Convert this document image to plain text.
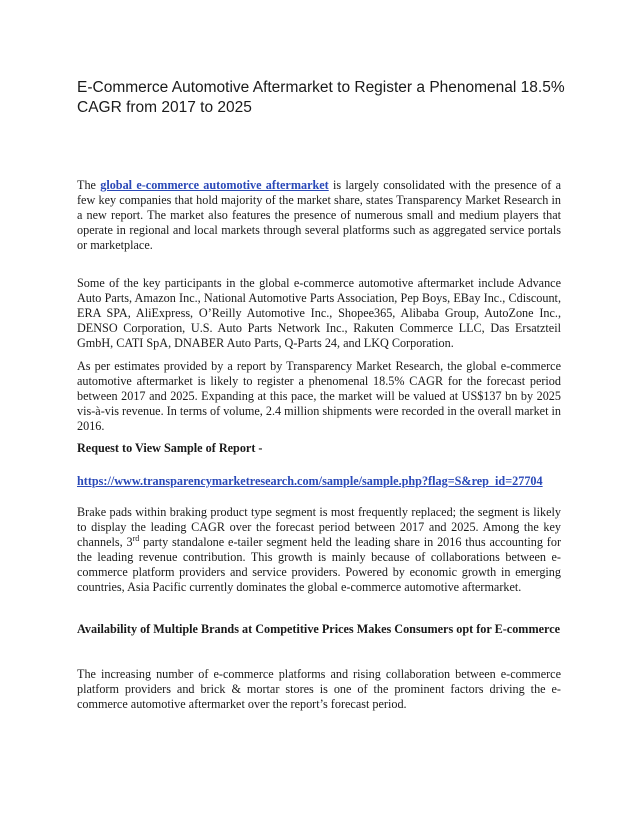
E-Commerce Automotive Aftermarket to Register a Phenomenal 18.5% CAGR from 2017 to 2025

The global e-commerce automotive aftermarket is largely consolidated with the presence of a few key companies that hold majority of the market share, states Transparency Market Research in a new report. The market also features the presence of numerous small and medium players that operate in regional and local markets through several platforms such as aggregated service portals or marketplace.

Some of the key participants in the global e-commerce automotive aftermarket include Advance Auto Parts, Amazon Inc., National Automotive Parts Association, Pep Boys, EBay Inc., Cdiscount, ERA SPA, AliExpress, O’Reilly Automotive Inc., Shopee365, Alibaba Group, AutoZone Inc., DENSO Corporation, U.S. Auto Parts Network Inc., Rakuten Commerce LLC, Das Ersatzteil GmbH, CATI SpA, DNABER Auto Parts, Q-Parts 24, and LKQ Corporation.

As per estimates provided by a report by Transparency Market Research, the global e-commerce automotive aftermarket is likely to register a phenomenal 18.5% CAGR for the forecast period between 2017 and 2025. Expanding at this pace, the market will be valued at US$137 bn by 2025 vis-à-vis revenue. In terms of volume, 2.4 million shipments were recorded in the overall market in 2016.

Request to View Sample of Report -

https://www.transparencymarketresearch.com/sample/sample.php?flag=S&rep_id=27704

Brake pads within braking product type segment is most frequently replaced; the segment is likely to display the leading CAGR over the forecast period between 2017 and 2025. Among the key channels, 3rd party standalone e-tailer segment held the leading share in 2016 thus accounting for the leading revenue contribution. This growth is mainly because of collaborations between e-commerce platform providers and service providers. Powered by economic growth in emerging countries, Asia Pacific currently dominates the global e-commerce automotive aftermarket.

Availability of Multiple Brands at Competitive Prices Makes Consumers opt for E-commerce

The increasing number of e-commerce platforms and rising collaboration between e-commerce platform providers and brick & mortar stores is one of the prominent factors driving the e-commerce automotive aftermarket over the report’s forecast period.
